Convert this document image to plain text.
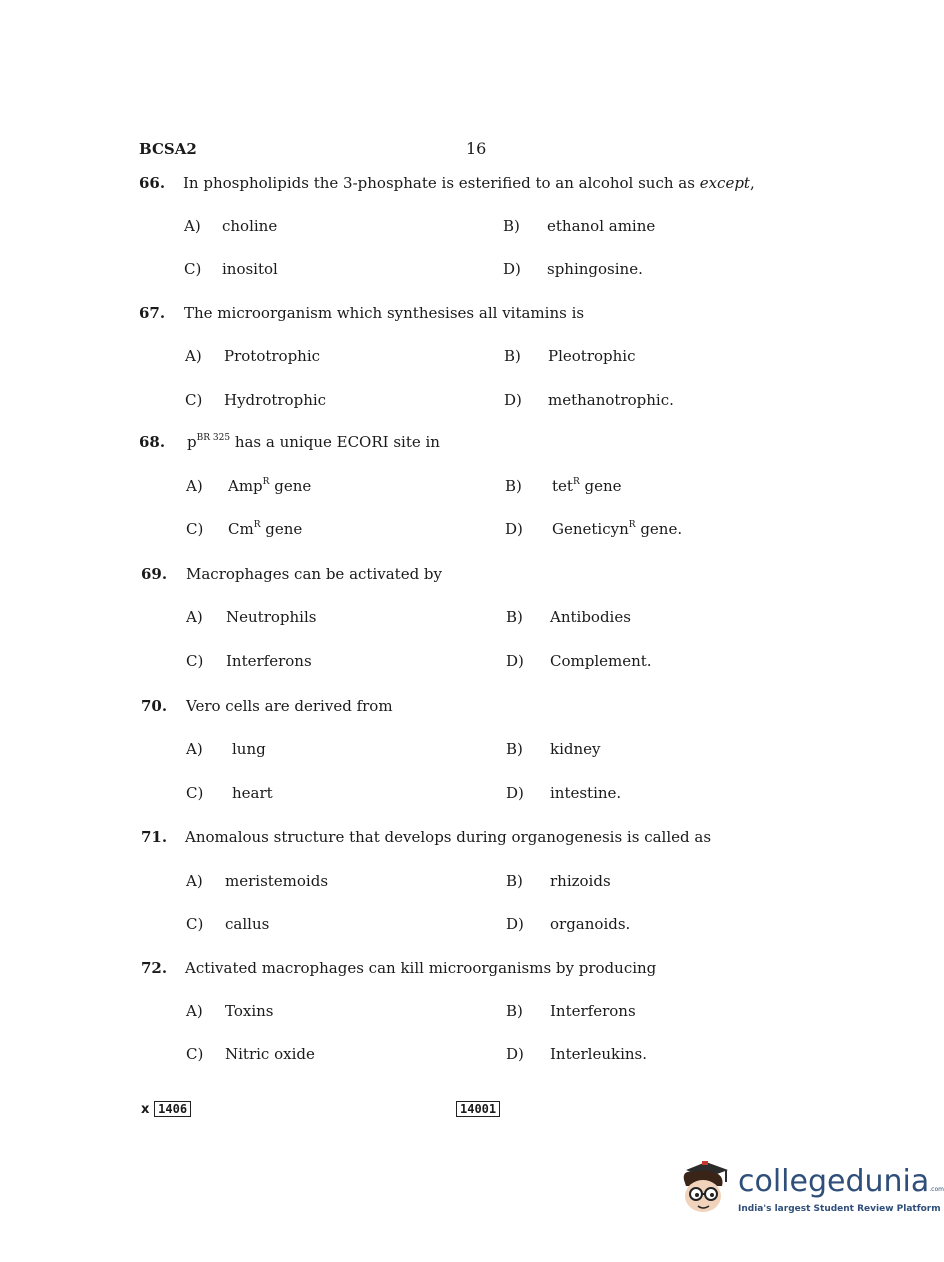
BCSA2	16
66. In phospholipids the 3-phosphate is esterified to an alcohol such as except,
A) choline	B) ethanol amine
C) inositol	D) sphingosine.
67. The microorganism which synthesises all vitamins is
A) Prototrophic	B) Pleotrophic
C) Hydrotrophic	D) methanotrophic.
68. $p^{BR 325}$ has a unique ECORI site in
A) Amp$^R$ gene	B) tet$^R$ gene
C) $Cm^R$ gene	D) Geneticyn$^R$ gene.
69. Macrophages can be activated by
A) Neutrophils	B) Antibodies
C) Interferons	D) Complement.
70. Vero cells are derived from
A) lung	B) kidney
C) heart	D) intestine.
71. Anomalous structure that develops during organogenesis is called as
A) meristemoids	B) rhizoids
C) callus	D) organoids.
72. Activated macrophages can kill microorganisms by producing
A) Toxins	B) Interferons
C) Nitric oxide	D) Interleukins.
x 1406	14001
collegedunia.com
India's largest Student Review Platform
